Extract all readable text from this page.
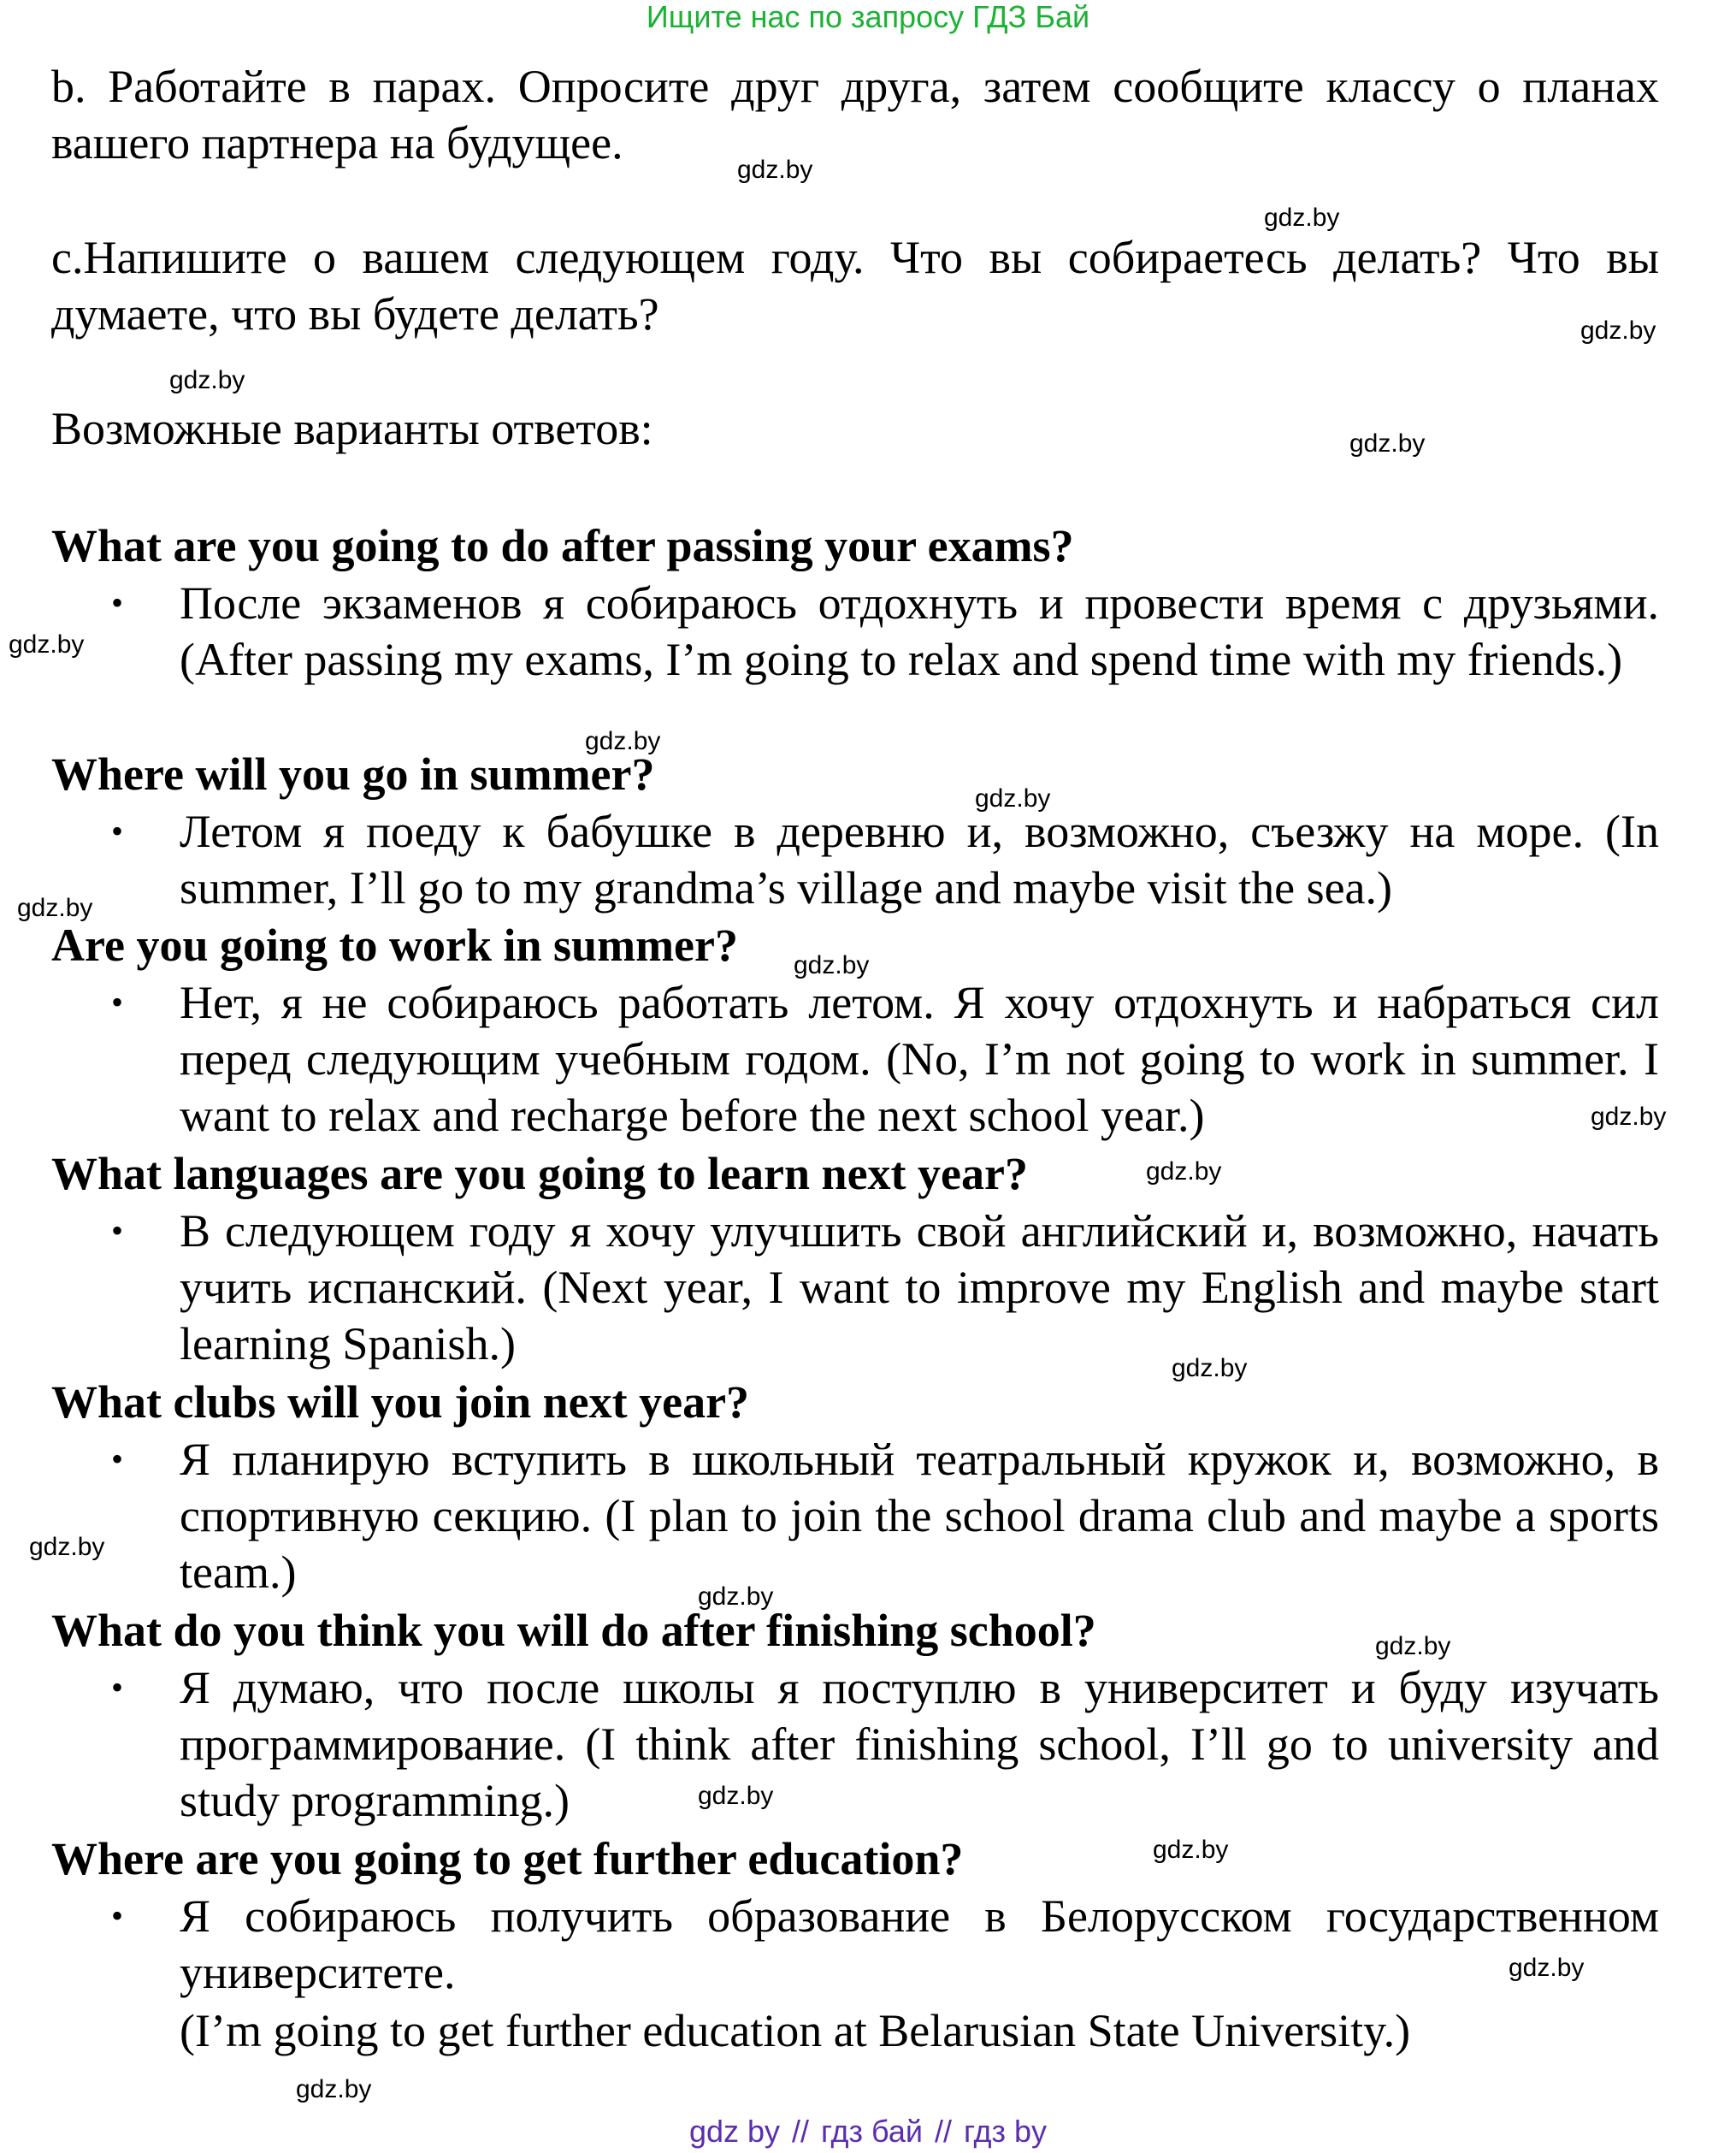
Ищите нас по запросу ГДЗ Бай
b. Работайте в парах. Опросите друг друга, затем сообщите классу о планах вашего партнера на будущее.
c.Напишите о вашем следующем году. Что вы собираетесь делать? Что вы думаете, что вы будете делать?
Возможные варианты ответов:
What are you going to do after passing your exams?
• После экзаменов я собираюсь отдохнуть и провести время с друзьями. (After passing my exams, I’m going to relax and spend time with my friends.)
Where will you go in summer?
• Летом я поеду к бабушке в деревню и, возможно, съезжу на море. (In summer, I’ll go to my grandma’s village and maybe visit the sea.)
Are you going to work in summer?
• Нет, я не собираюсь работать летом. Я хочу отдохнуть и набраться сил перед следующим учебным годом. (No, I’m not going to work in summer. I want to relax and recharge before the next school year.)
What languages are you going to learn next year?
• В следующем году я хочу улучшить свой английский и, возможно, начать учить испанский. (Next year, I want to improve my English and maybe start learning Spanish.)
What clubs will you join next year?
• Я планирую вступить в школьный театральный кружок и, возможно, в спортивную секцию. (I plan to join the school drama club and maybe a sports team.)
What do you think you will do after finishing school?
• Я думаю, что после школы я поступлю в университет и буду изучать программирование. (I think after finishing school, I’ll go to university and study programming.)
Where are you going to get further education?
• Я собираюсь получить образование в Белорусском государственном университете.
(I’m going to get further education at Belarusian State University.)
gdz.by
gdz.by
gdz.by
gdz.by
gdz.by
gdz.by
gdz.by
gdz.by
gdz.by
gdz.by
gdz.by
gdz.by
gdz.by
gdz.by
gdz.by
gdz.by
gdz.by
gdz.by
gdz.by
gdz.by
gdz by // гдз бай // гдз by
